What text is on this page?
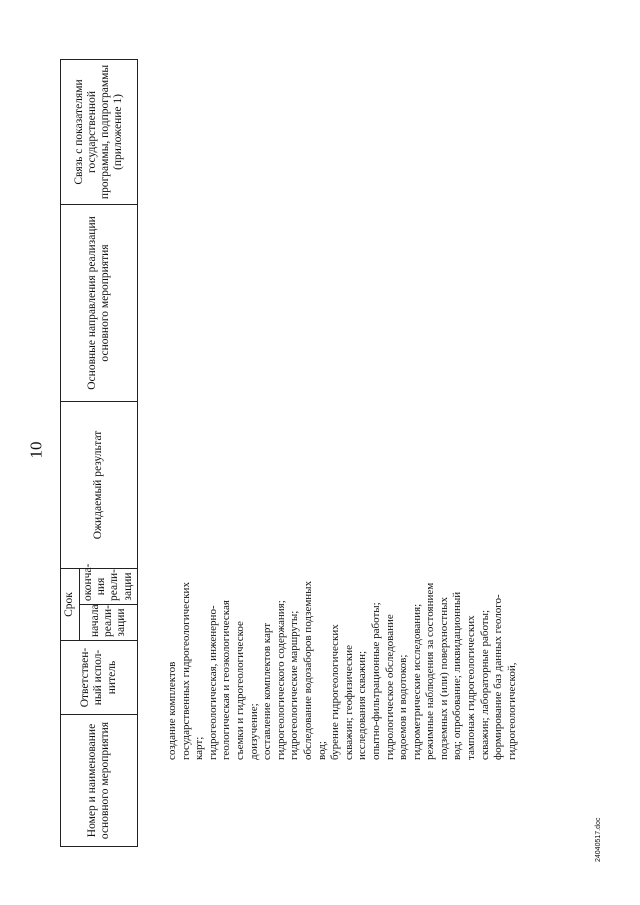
10
Номер и наименование основного мероприятия	Ответствен-ный испол-нитель	Срок		Ожидаемый результат	Основные направления реализации основного мероприятия	Связь с показателями государственной программы, подпрограммы (приложение 1)
		начала реали-зации	оконча-ния реали-зации			

создание комплектов государственных гидрогеологических карт; гидрогеологическая, инженерно- геологическая и геоэкологическая съемки и гидрогеологическое доизучение; составление комплектов карт гидрогеологического содержания; гидрогеологические маршруты; обследование водозаборов подземных вод; бурение гидрогеологических скважин; геофизические исследования скважин; опытно-фильтрационные работы; гидрологическое обследование водоемов и водотоков; гидрометрические исследования; режимные наблюдения за состоянием подземных и (или) поверхностных вод; опробование; ликвидационный тампонаж гидрогеологических скважин; лабораторные работы; формирование баз данных геолого- гидрогеологической,

24040517.doc
